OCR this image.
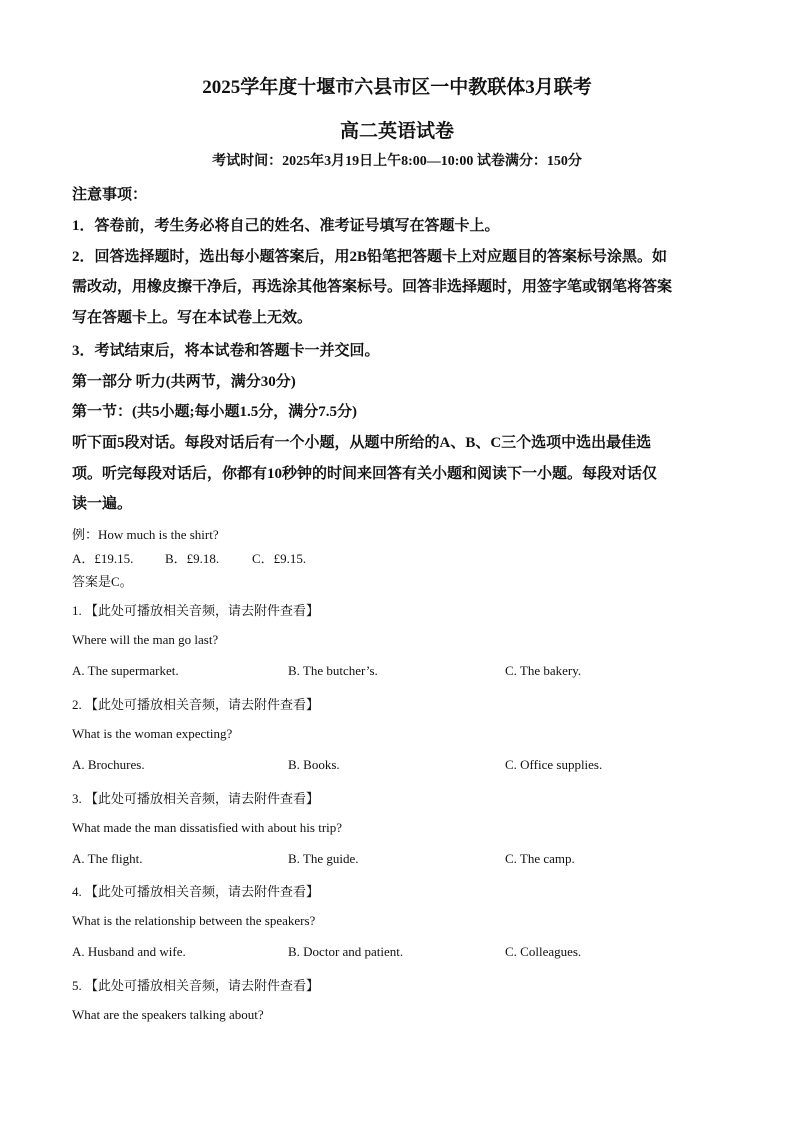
2025学年度十堰市六县市区一中教联体3月联考
高二英语试卷
考试时间：2025年3月19日上午8:00—10:00 试卷满分：150分
注意事项：
1．答卷前，考生务必将自己的姓名、准考证号填写在答题卡上。
2．回答选择题时，选出每小题答案后，用2B铅笔把答题卡上对应题目的答案标号涂黑。如
需改动，用橡皮擦干净后，再选涂其他答案标号。回答非选择题时，用签字笔或钢笔将答案
写在答题卡上。写在本试卷上无效。
3．考试结束后，将本试卷和答题卡一并交回。
第一部分 听力(共两节，满分30分)
第一节：(共5小题;每小题1.5分，满分7.5分)
听下面5段对话。每段对话后有一个小题，从题中所给的A、B、C三个选项中选出最佳选
项。听完每段对话后，你都有10秒钟的时间来回答有关小题和阅读下一小题。每段对话仅
读一遍。
例：How much is the shirt?
A．£19.15. B．£9.18.	C．£9.15.
答案是C。
1. 【此处可播放相关音频，请去附件查看】
Where will the man go last?
A. The supermarket.	B. The butcher’s.	C. The bakery.
2. 【此处可播放相关音频，请去附件查看】
What is the woman expecting?
A. Brochures.	B. Books.	C. Office supplies.
3. 【此处可播放相关音频，请去附件查看】
What made the man dissatisfied with about his trip?
A. The flight.	B. The guide.	C. The camp.
4. 【此处可播放相关音频，请去附件查看】
What is the relationship between the speakers?
A. Husband and wife.	B. Doctor and patient.	C. Colleagues.
5. 【此处可播放相关音频，请去附件查看】
What are the speakers talking about?
